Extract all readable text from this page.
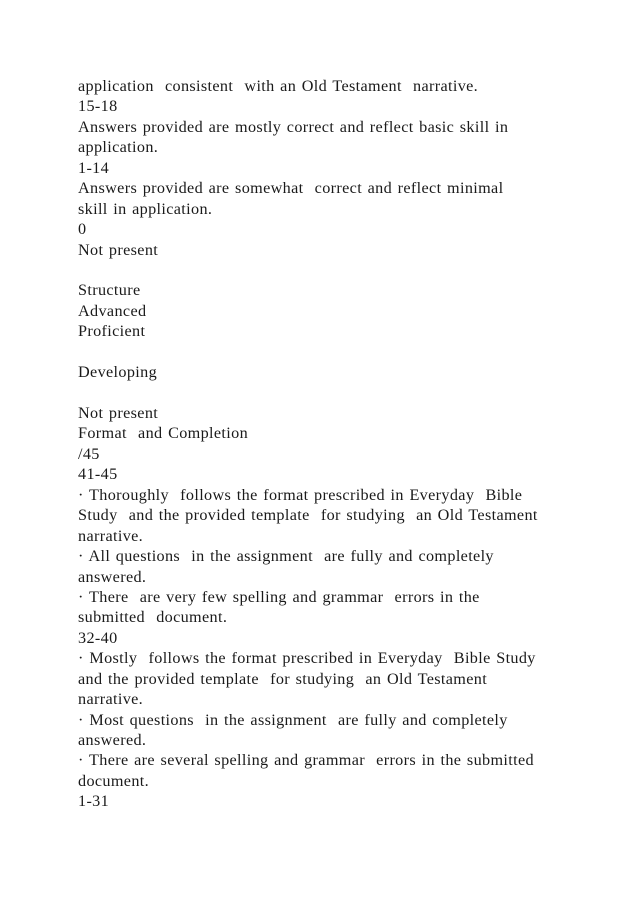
application  consistent  with an Old Testament  narrative.
15-18
Answers provided are mostly correct and reflect basic skill in
application.
1-14
Answers provided are somewhat  correct and reflect minimal
skill in application.
0
Not present
Structure
Advanced
Proficient
Developing
Not present
Format  and Completion
/45
41-45
· Thoroughly  follows the format prescribed in Everyday  Bible
Study  and the provided template  for studying  an Old Testament
narrative.
· All questions  in the assignment  are fully and completely
answered.
· There  are very few spelling and grammar  errors in the
submitted  document.
32-40
· Mostly  follows the format prescribed in Everyday  Bible Study
and the provided template  for studying  an Old Testament
narrative.
· Most questions  in the assignment  are fully and completely
answered.
· There are several spelling and grammar  errors in the submitted
document.
1-31
